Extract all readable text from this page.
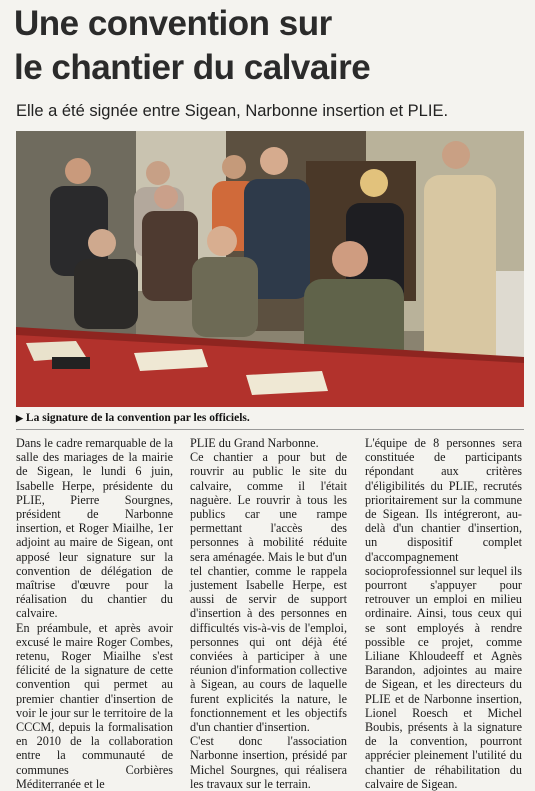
Une convention sur
le chantier du calvaire
Elle a été signée entre Sigean, Narbonne insertion et PLIE.
▶ La signature de la convention par les officiels.

Dans le cadre remarquable de la salle des mariages de la mairie de Sigean, le lundi 6 juin, Isabelle Herpe, présidente du PLIE, Pierre Sourgnes, président de Narbonne insertion, et Roger Miailhe, 1er adjoint au maire de Sigean, ont apposé leur signature sur la convention de délégation de maîtrise d'œuvre pour la réalisation du chantier du calvaire.

En préambule, et après avoir excusé le maire Roger Combes, retenu, Roger Miailhe s'est félicité de la signature de cette convention qui permet au premier chantier d'insertion de voir le jour sur le territoire de la CCCM, depuis la formalisation en 2010 de la collaboration entre la communauté de communes Corbières Méditerranée et le

PLIE du Grand Narbonne.

Ce chantier a pour but de rouvrir au public le site du calvaire, comme il l'était naguère. Le rouvrir à tous les publics car une rampe permettant l'accès des personnes à mobilité réduite sera aménagée. Mais le but d'un tel chantier, comme le rappela justement Isabelle Herpe, est aussi de servir de support d'insertion à des personnes en difficultés vis-à-vis de l'emploi, personnes qui ont déjà été conviées à participer à une réunion d'information collective à Sigean, au cours de laquelle furent explicités la nature, le fonctionnement et les objectifs d'un chantier d'insertion.

C'est donc l'association Narbonne insertion, présidé par Michel Sourgnes, qui réalisera les travaux sur le terrain.

L'équipe de 8 personnes sera constituée de participants répondant aux critères d'éligibilités du PLIE, recrutés prioritairement sur la commune de Sigean. Ils intégreront, au-delà d'un chantier d'insertion, un dispositif complet d'accompagnement socioprofessionnel sur lequel ils pourront s'appuyer pour retrouver un emploi en milieu ordinaire. Ainsi, tous ceux qui se sont employés à rendre possible ce projet, comme Liliane Khloudeeff et Agnès Barandon, adjointes au maire de Sigean, et les directeurs du PLIE et de Narbonne insertion, Lionel Roesch et Michel Boubis, présents à la signature de la convention, pourront apprécier pleinement l'utilité du chantier de réhabilitation du calvaire de Sigean.
